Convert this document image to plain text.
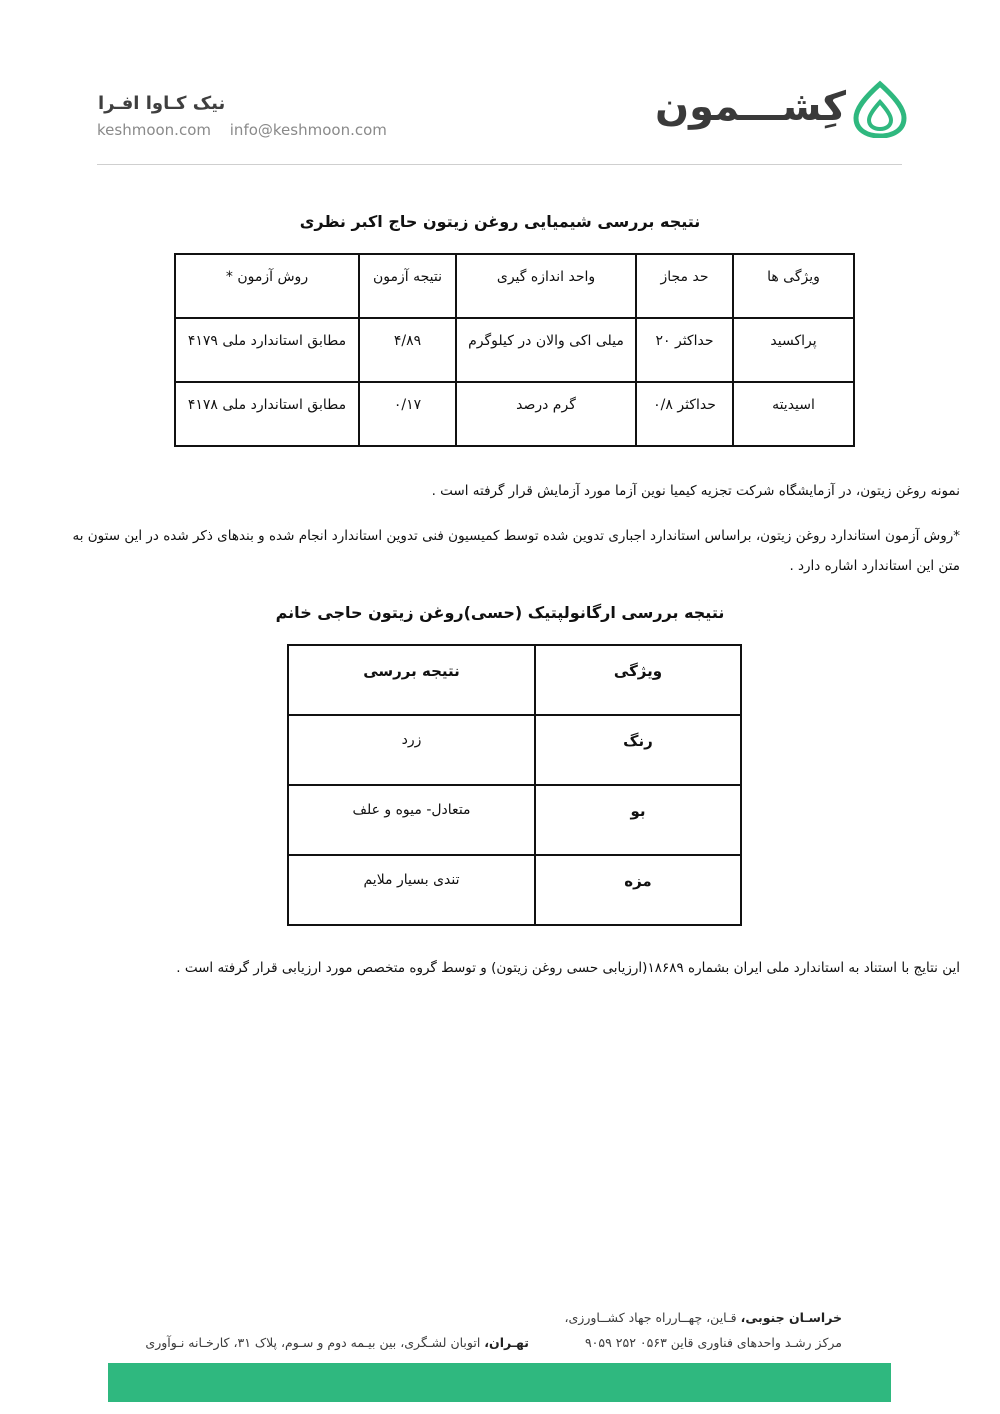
کِشـــمون
نیک کـاوا افـرا
keshmoon.com info@keshmoon.com
نتیجه بررسی شیمیایی روغن زیتون حاج اکبر نظری
ویژگی ها	حد مجاز	واحد اندازه گیری	نتیجه آزمون	روش آزمون *
پراکسید	حداکثر ۲۰	میلی اکی والان در کیلوگرم	۴/۸۹	مطابق استاندارد ملی ۴۱۷۹
اسیدیته	حداکثر ۰/۸	گرم درصد	۰/۱۷	مطابق استاندارد ملی ۴۱۷۸
نمونه روغن زیتون، در آزمایشگاه شرکت تجزیه کیمیا نوین آزما مورد آزمایش قرار گرفته است .
*روش آزمون استاندارد روغن زیتون، براساس استاندارد اجباری تدوین شده توسط کمیسیون فنی تدوین استاندارد انجام شده و بندهای ذکر شده در این ستون به متن این استاندارد اشاره دارد .
نتیجه بررسی ارگانولپتیک (حسی)روغن زیتون حاجی خانم
ویژگی	نتیجه بررسی
رنگ	زرد
بو	متعادل- میوه و علف
مزه	تندی بسیار ملایم
این نتایج با استناد به استاندارد ملی ایران بشماره ۱۸۶۸۹(ارزیابی حسی روغن زیتون) و توسط گروه متخصص مورد ارزیابی قرار گرفته است .
خراسـان جنوبی، قـاین، چهــارراه جهاد کشــاورزی،
مرکز رشـد واحدهای فناوری قاین ۰۵۶۳ ۲۵۲ ۹۰۵۹
تهـران، اتوبان لشـگری، بین بیـمه دوم و سـوم، پلاک ۳۱، کارخـانه نـوآوری
